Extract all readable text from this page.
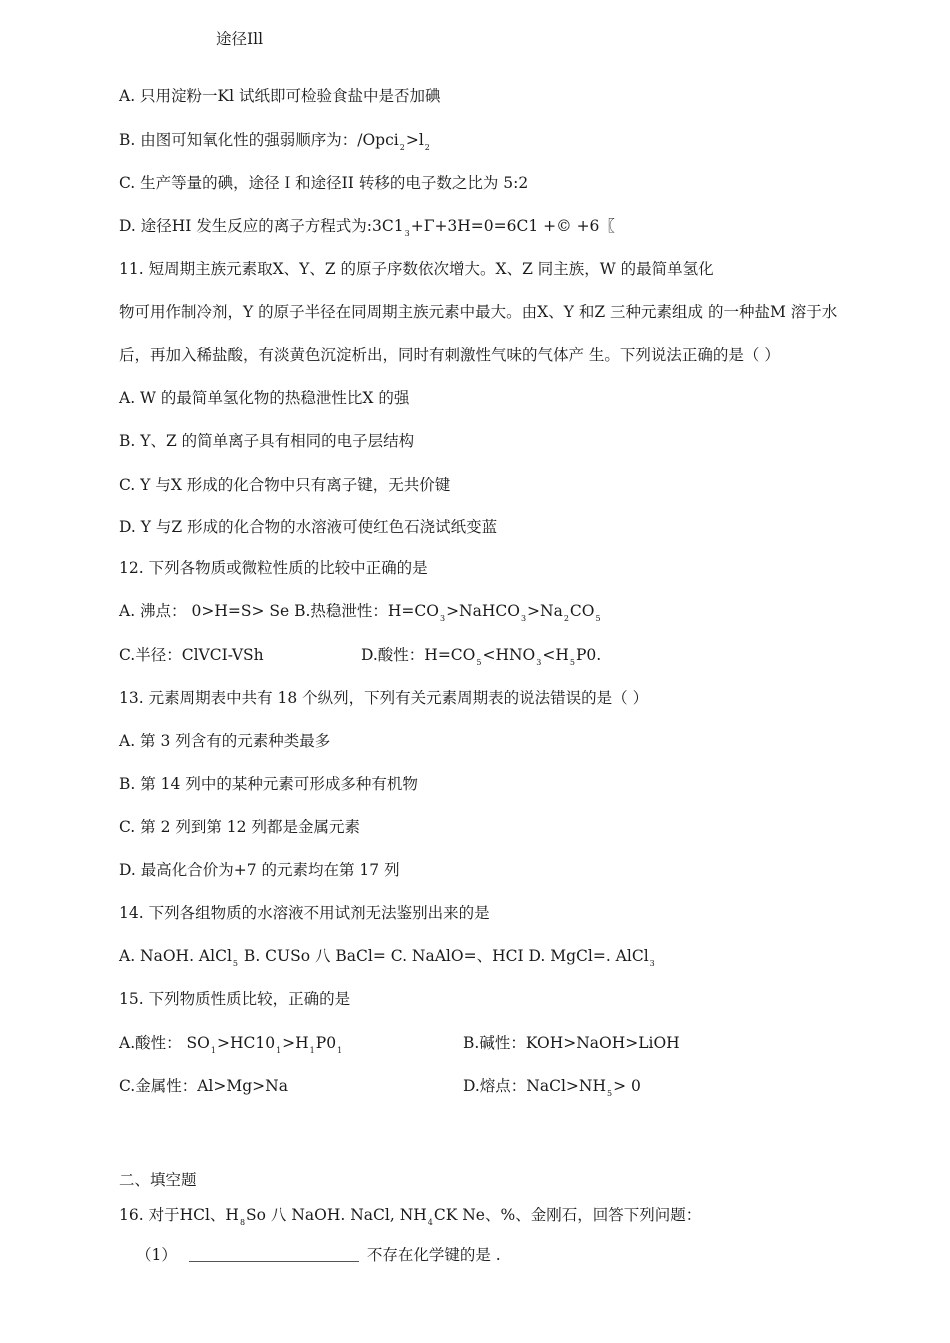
途径Ill
A. 只用淀粉一Kl 试纸即可检验食盐中是否加碘
B. 由图可知氧化性的强弱顺序为：$/Opci_2>l_2$
C. 生产等量的碘，途径Ｉ和途径II 转移的电子数之比为 5:2
D. 途径HI 发生反应的离子方程式为$:3C1_3+\Gamma+3H=0=6C1$ +© +6〖
11. 短周期主族元素取X、Y、Z 的原子序数依次增大。X、Z 同主族，W 的最简单氢化
物可用作制冷剂，Y 的原子半径在同周期主族元素中最大。由X、Y 和Z 三种元素组成 的一种盐M 溶于水
后，再加入稀盐酸，有淡黄色沉淀析出，同时有刺激性气味的气体产 生。下列说法正确的是（ ）
A. W 的最简单氢化物的热稳泄性比X 的强
B. Y、Z 的简单离子具有相同的电子层结构
C. Y 与X 形成的化合物中只有离子键，无共价键
D. Y 与Z 形成的化合物的水溶液可使红色石浇试纸变蓝
12. 下列各物质或微粒性质的比较中正确的是
A. 沸点： 0>H=S> Se B.热稳泄性：$H=CO_3>NaHCO_3>Na_2CO_5$
C.半径：ClVCI-VSh	D.酸性：$H=CO_5<HNO_3<H_5P0$.
13. 元素周期表中共有 18 个纵列，下列有关元素周期表的说法错误的是（ ）
A. 第 3 列含有的元素种类最多
B. 第 14 列中的某种元素可形成多种有机物
C. 第 2 列到第 12 列都是金属元素
D. 最高化合价为+7 的元素均在第 17 列
14. 下列各组物质的水溶液不用试剂无法鉴别出来的是
A. NaOH. AlCl$_5$ B. CUSo 八 BaCl= C. NaAlO=、HCI D. MgCl=. AlCl$_3$
15. 下列物质性质比较，正确的是
A.酸性： $SO_1>HC10_1>H_1P0_1$	B.碱性：KOH>NaOH>LiOH
C.金属性：Al>Mg>Na	D.熔点：$NaCl>NH_5> 0$
二、填空题
16. 对于HCl、$H_8So$ 八 NaOH. NaCl, $NH_4CK$ Ne、%、金刚石，回答下列问题：
（1）	不存在化学键的是 .
